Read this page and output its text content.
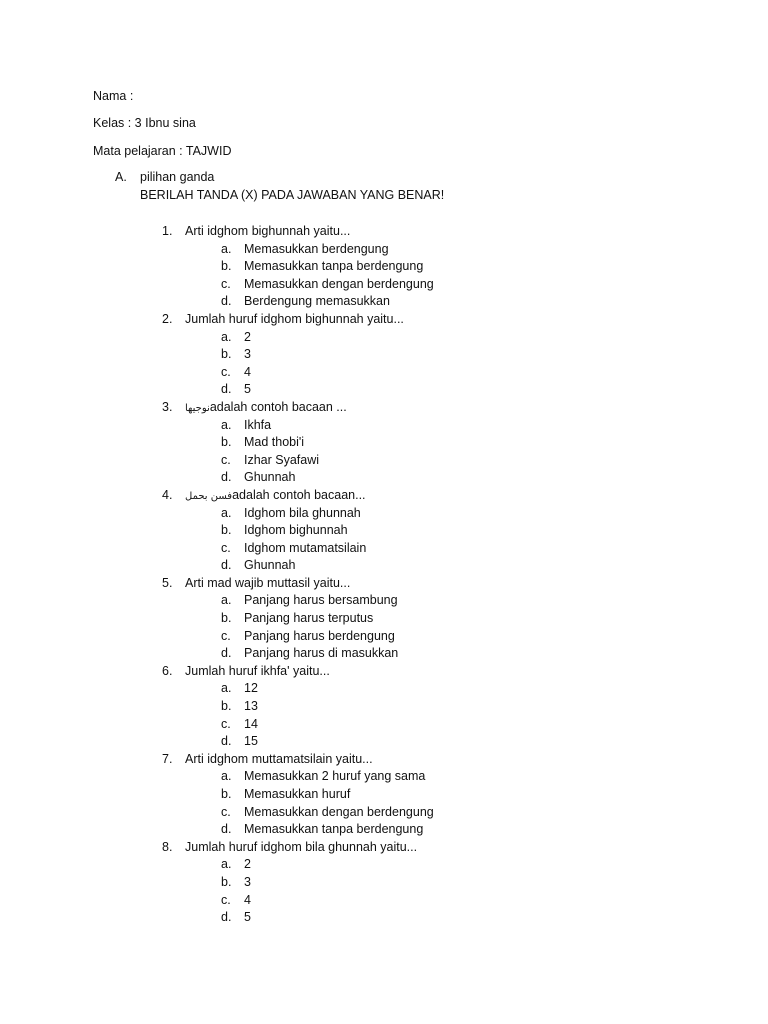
Nama :
Kelas : 3 Ibnu sina
Mata pelajaran : TAJWID
A. pilihan ganda
BERILAH TANDA (X) PADA JAWABAN YANG BENAR!
1. Arti idghom bighunnah yaitu...
a. Memasukkan berdengung
b. Memasukkan tanpa berdengung
c. Memasukkan dengan berdengung
d. Berdengung memasukkan
2. Jumlah huruf idghom bighunnah yaitu...
a. 2
b. 3
c. 4
d. 5
3. نوجيهاadalah contoh bacaan ...
a. Ikhfa
b. Mad thobi'i
c. Izhar Syafawi
d. Ghunnah
4. فسن بحملadalah contoh bacaan...
a. Idghom bila ghunnah
b. Idghom bighunnah
c. Idghom mutamatsilain
d. Ghunnah
5. Arti mad wajib muttasil yaitu...
a. Panjang harus bersambung
b. Panjang harus terputus
c. Panjang harus berdengung
d. Panjang harus di masukkan
6. Jumlah huruf ikhfa' yaitu...
a. 12
b. 13
c. 14
d. 15
7. Arti idghom muttamatsilain yaitu...
a. Memasukkan 2 huruf yang sama
b. Memasukkan huruf
c. Memasukkan dengan berdengung
d. Memasukkan tanpa berdengung
8. Jumlah huruf idghom bila ghunnah yaitu...
a. 2
b. 3
c. 4
d. 5
